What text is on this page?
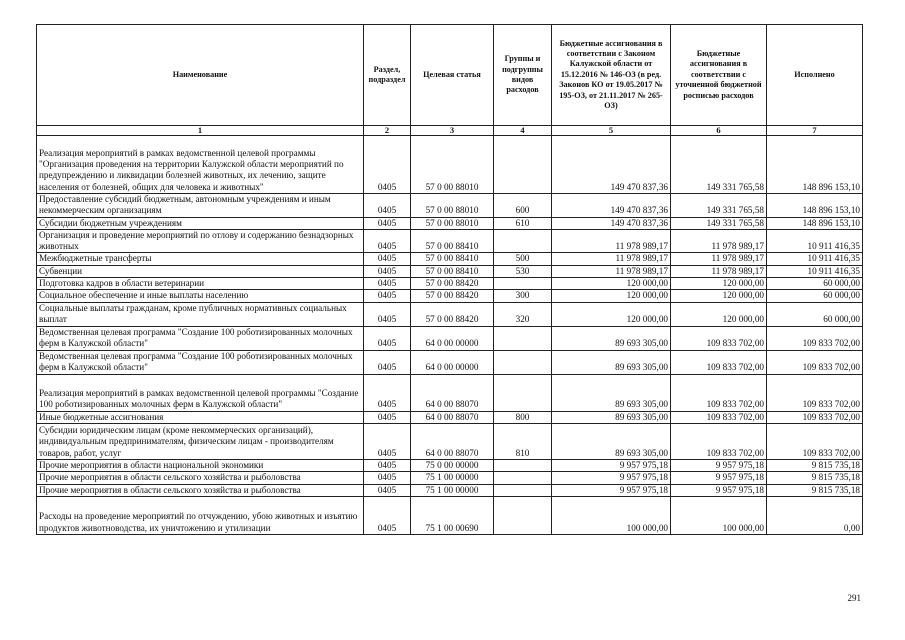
Наименование	Раздел, подраздел	Целевая статья	Группы и подгруппы видов расходов	Бюджетные ассигнования в соответствии с Законом Калужской области от 15.12.2016 № 146-ОЗ (в ред. Законов КО от 19.05.2017 № 195-ОЗ, от 21.11.2017 № 265-ОЗ)	Бюджетные ассигнования в соответствии с уточненной бюджетной росписью расходов	Исполнено
1	2	3	4	5	6	7
Реализация мероприятий в рамках ведомственной целевой программы "Организация проведения на территории Калужской области мероприятий по предупреждению и ликвидации болезней животных, их лечению, защите населения от болезней, общих для человека и животных"	0405	57 0 00 88010		149 470 837,36	149 331 765,58	148 896 153,10
Предоставление субсидий бюджетным, автономным учреждениям и иным некоммерческим организациям	0405	57 0 00 88010	600	149 470 837,36	149 331 765,58	148 896 153,10
Субсидии бюджетным учреждениям	0405	57 0 00 88010	610	149 470 837,36	149 331 765,58	148 896 153,10
Организация и проведение мероприятий по отлову и содержанию безнадзорных животных	0405	57 0 00 88410		11 978 989,17	11 978 989,17	10 911 416,35
Межбюджетные трансферты	0405	57 0 00 88410	500	11 978 989,17	11 978 989,17	10 911 416,35
Субвенции	0405	57 0 00 88410	530	11 978 989,17	11 978 989,17	10 911 416,35
Подготовка кадров в области ветеринарии	0405	57 0 00 88420		120 000,00	120 000,00	60 000,00
Социальное обеспечение и иные выплаты населению	0405	57 0 00 88420	300	120 000,00	120 000,00	60 000,00
Социальные выплаты гражданам, кроме публичных нормативных социальных выплат	0405	57 0 00 88420	320	120 000,00	120 000,00	60 000,00
Ведомственная целевая программа "Создание 100 роботизированных молочных ферм в Калужской области"	0405	64 0 00 00000		89 693 305,00	109 833 702,00	109 833 702,00
Ведомственная целевая программа "Создание 100 роботизированных молочных ферм в Калужской области"	0405	64 0 00 00000		89 693 305,00	109 833 702,00	109 833 702,00
Реализация мероприятий в рамках ведомственной целевой программы "Создание 100 роботизированных молочных ферм в Калужской области"	0405	64 0 00 88070		89 693 305,00	109 833 702,00	109 833 702,00
Иные бюджетные ассигнования	0405	64 0 00 88070	800	89 693 305,00	109 833 702,00	109 833 702,00
Субсидии юридическим лицам (кроме некоммерческих организаций), индивидуальным предпринимателям, физическим лицам - производителям товаров, работ, услуг	0405	64 0 00 88070	810	89 693 305,00	109 833 702,00	109 833 702,00
Прочие мероприятия в области национальной экономики	0405	75 0 00 00000		9 957 975,18	9 957 975,18	9 815 735,18
Прочие мероприятия в области сельского хозяйства и рыболовства	0405	75 1 00 00000		9 957 975,18	9 957 975,18	9 815 735,18
Прочие мероприятия в области сельского хозяйства и рыболовства	0405	75 1 00 00000		9 957 975,18	9 957 975,18	9 815 735,18
Расходы на проведение мероприятий по отчуждению, убою животных и изъятию продуктов животноводства, их уничтожению и утилизации	0405	75 1 00 00690		100 000,00	100 000,00	0,00
291
